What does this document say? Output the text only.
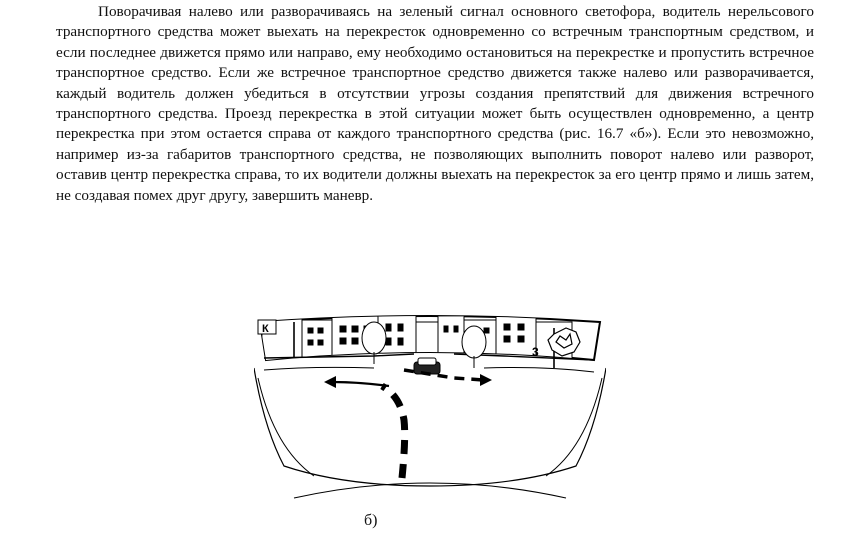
Поворачивая налево или разворачиваясь на зеленый сигнал основного светофора, водитель нерельсового транспортного средства может выехать на перекресток одновременно со встречным транспортным средством, и если последнее движется прямо или направо, ему необходимо остановиться на перекрестке и пропустить встречное транспортное средство. Если же встречное транспортное средство движется также налево или разворачивается, каждый водитель должен убедиться в отсутствии угрозы создания препятствий для движения встречного транспортного средства. Проезд перекрестка в этой ситуации может быть осуществлен одновременно, а центр перекрестка при этом остается справа от каждого транспортного средства (рис. 16.7 «б»). Если это невозможно, например из-за габаритов транспортного средства, не позволяющих выполнить поворот налево или разворот, оставив центр перекрестка справа, то их водители должны выехать на перекресток за его центр прямо и лишь затем, не создавая помех друг другу, завершить маневр.

К
3
б)
